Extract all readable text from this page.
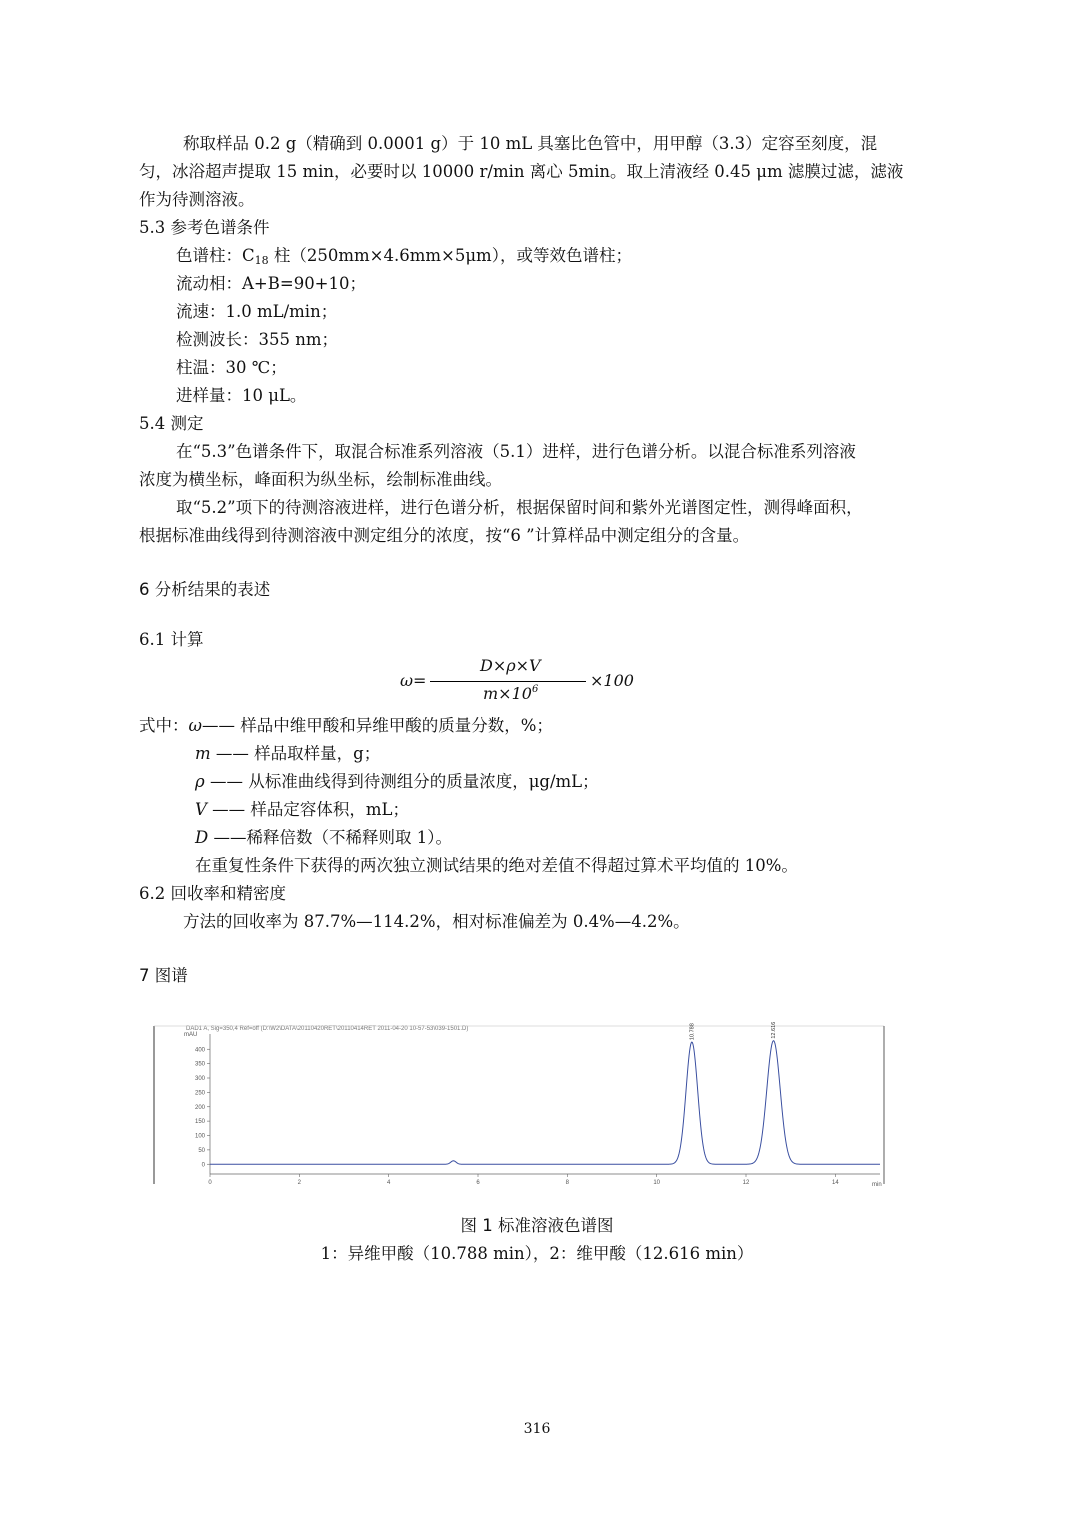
称取样品 0.2 g（精确到 0.0001 g）于 10 mL 具塞比色管中，用甲醇（3.3）定容至刻度，混
匀，冰浴超声提取 15 min，必要时以 10000 r/min 离心 5min。取上清液经 0.45 μm 滤膜过滤，滤液
作为待测溶液。
5.3 参考色谱条件
色谱柱：$C_{18}$ 柱（250mm×4.6mm×5μm），或等效色谱柱；
流动相：A+B=90+10；
流速：1.0 mL/min；
检测波长：355 nm；
柱温：30 ℃；
进样量：10 μL。
5.4 测定
在“5.3”色谱条件下，取混合标准系列溶液（5.1）进样，进行色谱分析。以混合标准系列溶液
浓度为横坐标，峰面积为纵坐标，绘制标准曲线。
取“5.2”项下的待测溶液进样，进行色谱分析，根据保留时间和紫外光谱图定性，测得峰面积，
根据标准曲线得到待测溶液中测定组分的浓度，按“6 ”计算样品中测定组分的含量。
6 分析结果的表述
6.1 计算
ω=
D×ρ×V
$m\times 10^6$	×100
式中：ω—— 样品中维甲酸和异维甲酸的质量分数，%；
m —— 样品取样量，g；
ρ —— 从标准曲线得到待测组分的质量浓度，μg/mL；
V —— 样品定容体积，mL；
D ——稀释倍数（不稀释则取 1）。
在重复性条件下获得的两次独立测试结果的绝对差值不得超过算术平均值的 10%。
6.2 回收率和精密度
方法的回收率为 87.7%—114.2%，相对标准偏差为 0.4%—4.2%。
7 图谱
DAD1 A, Sig=350,4 Ref=off (D:\W2\DATA\20110420RET\20110414RET 2011-04-20 10-57-53\039-1501.D)
mAU
min
0
50
100
150
200
250
300
350
400
0	2	4	6	8	10	12	14
10.788	12.616
图 1 标准溶液色谱图
1：异维甲酸（10.788 min），2：维甲酸（12.616 min）
316
